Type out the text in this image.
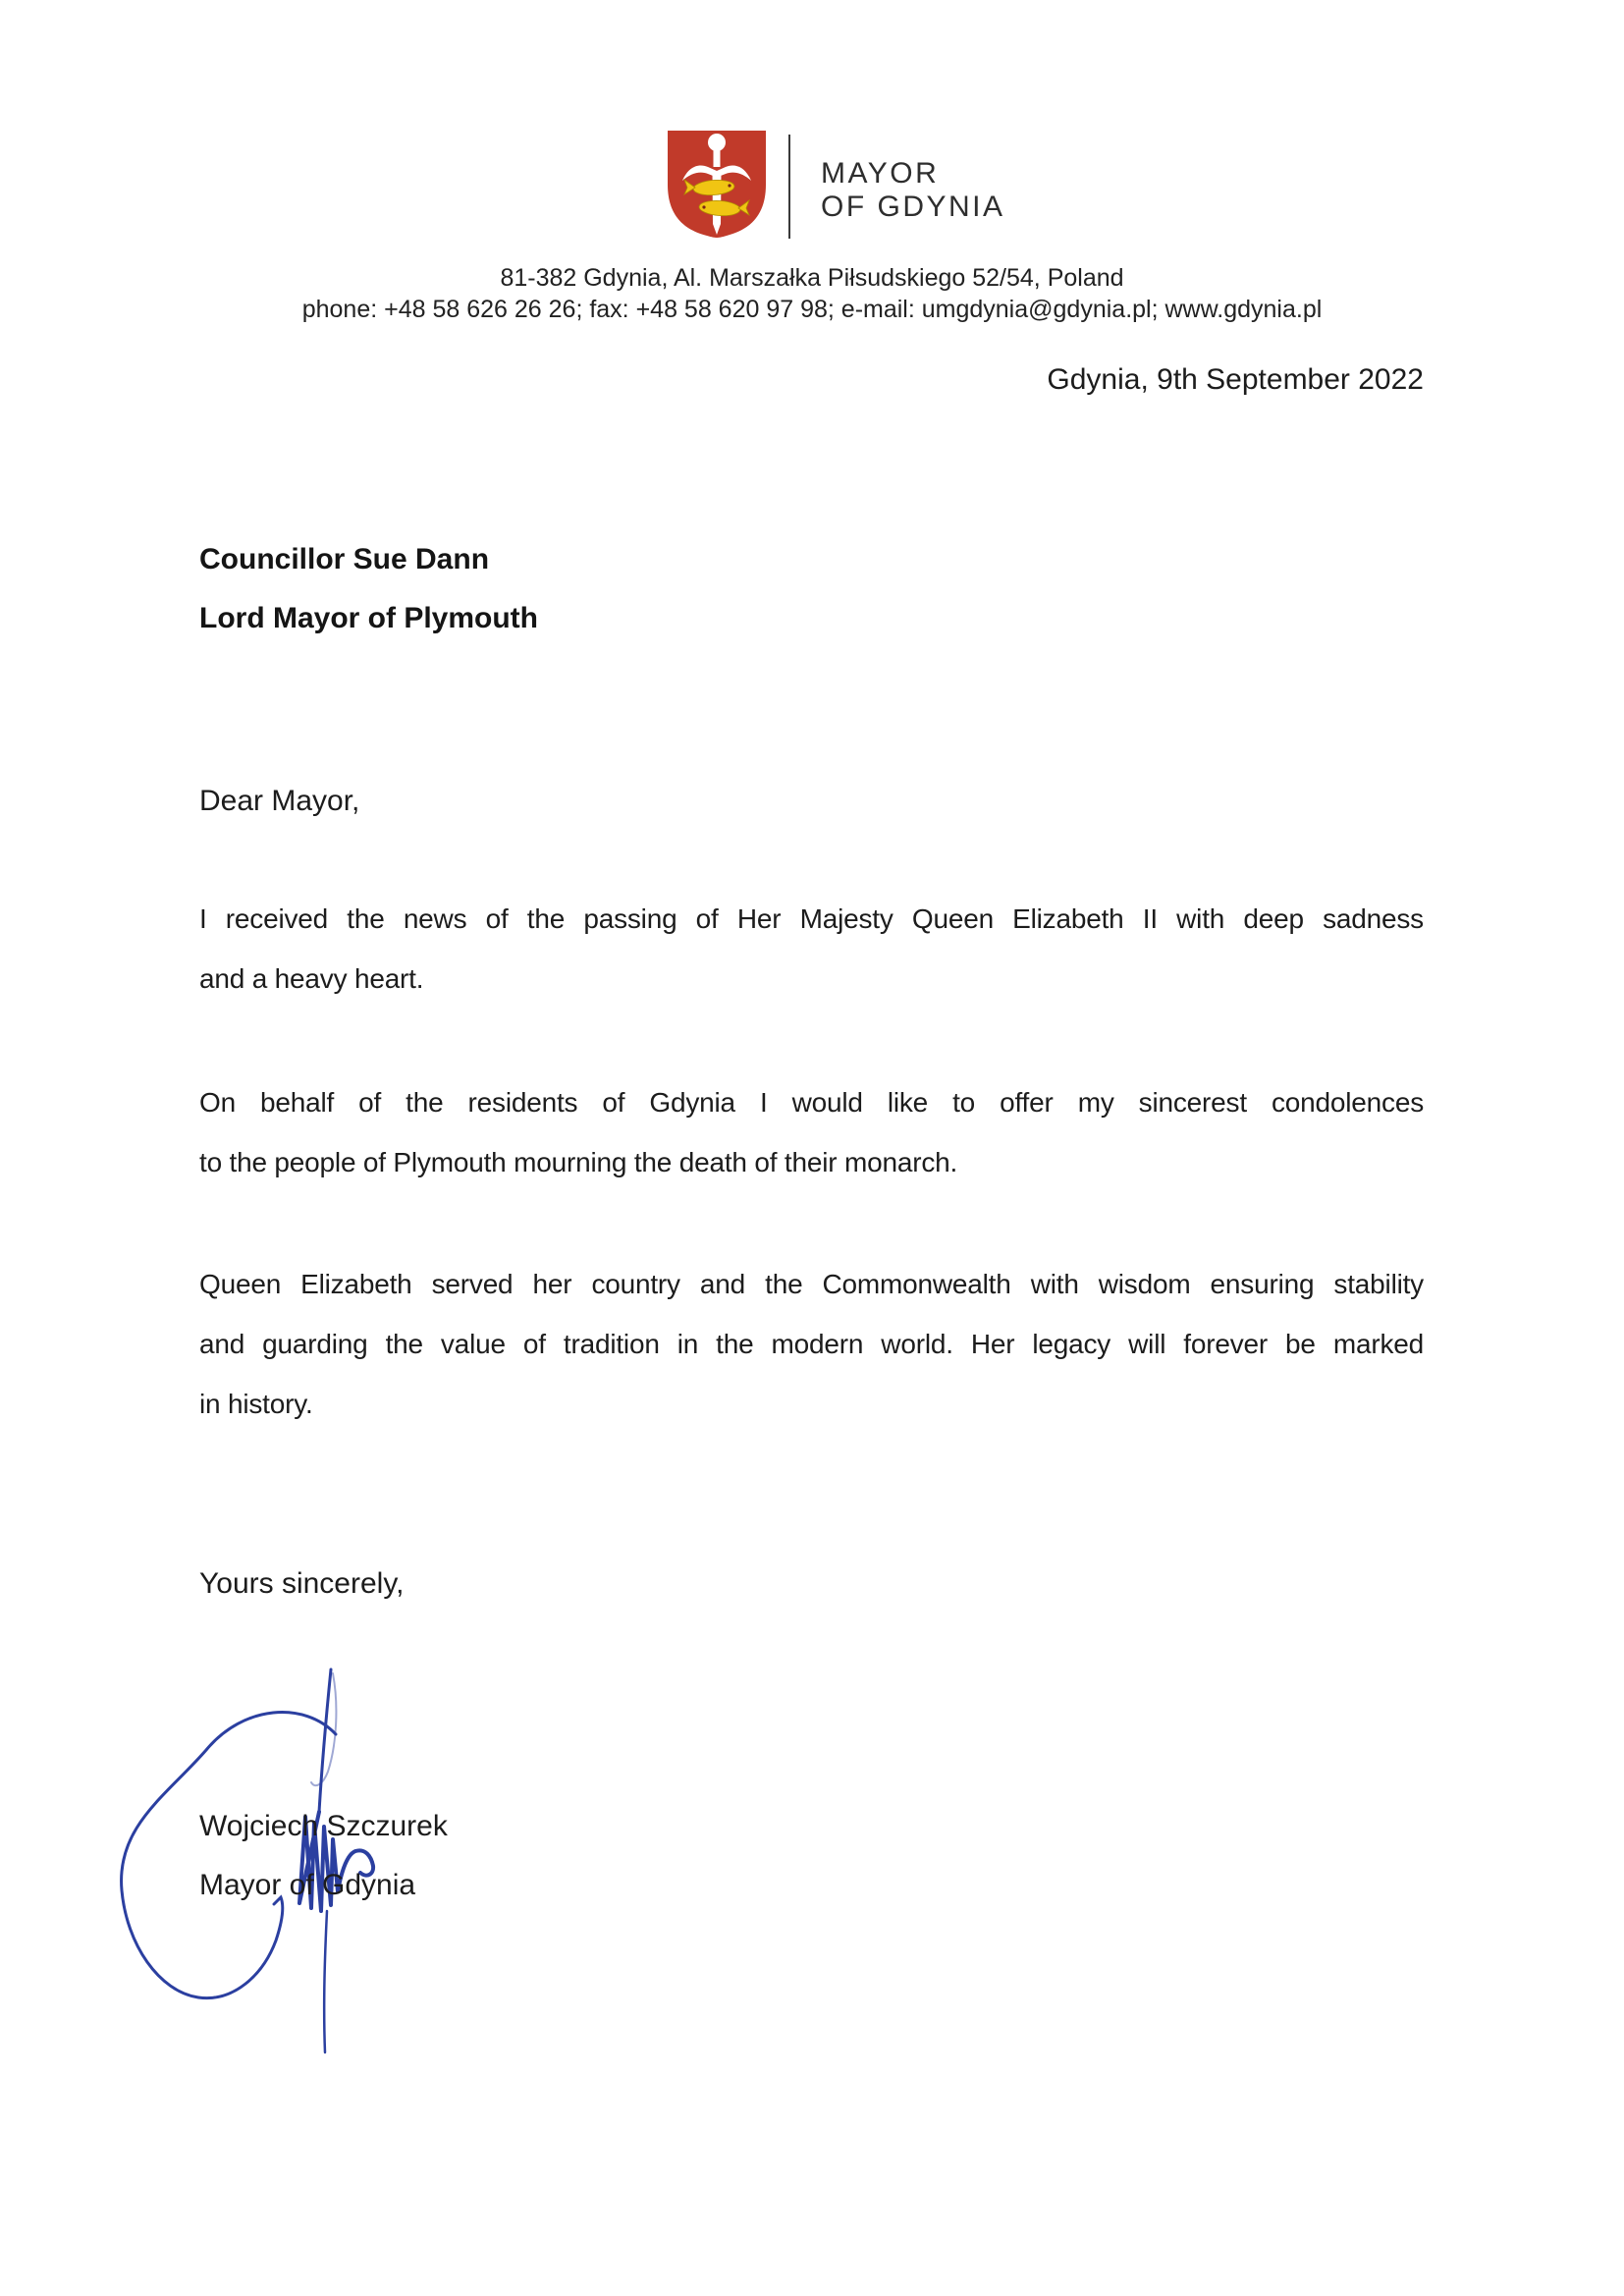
MAYOR
OF GDYNIA
81-382 Gdynia, Al. Marszałka Piłsudskiego 52/54, Poland
phone: +48 58 626 26 26; fax: +48 58 620 97 98; e-mail: umgdynia@gdynia.pl; www.gdynia.pl
Gdynia, 9th September 2022
Councillor Sue Dann
Lord Mayor of Plymouth
Dear Mayor,
I received the news of the passing of Her Majesty Queen Elizabeth II with deep sadness
and a heavy heart.
On behalf of the residents of Gdynia I would like to offer my sincerest condolences
to the people of Plymouth mourning the death of their monarch.
Queen Elizabeth served her country and the Commonwealth with wisdom ensuring stability
and guarding the value of tradition in the modern world. Her legacy will forever be marked
in history.
Yours sincerely,
Wojciech Szczurek
Mayor of Gdynia
